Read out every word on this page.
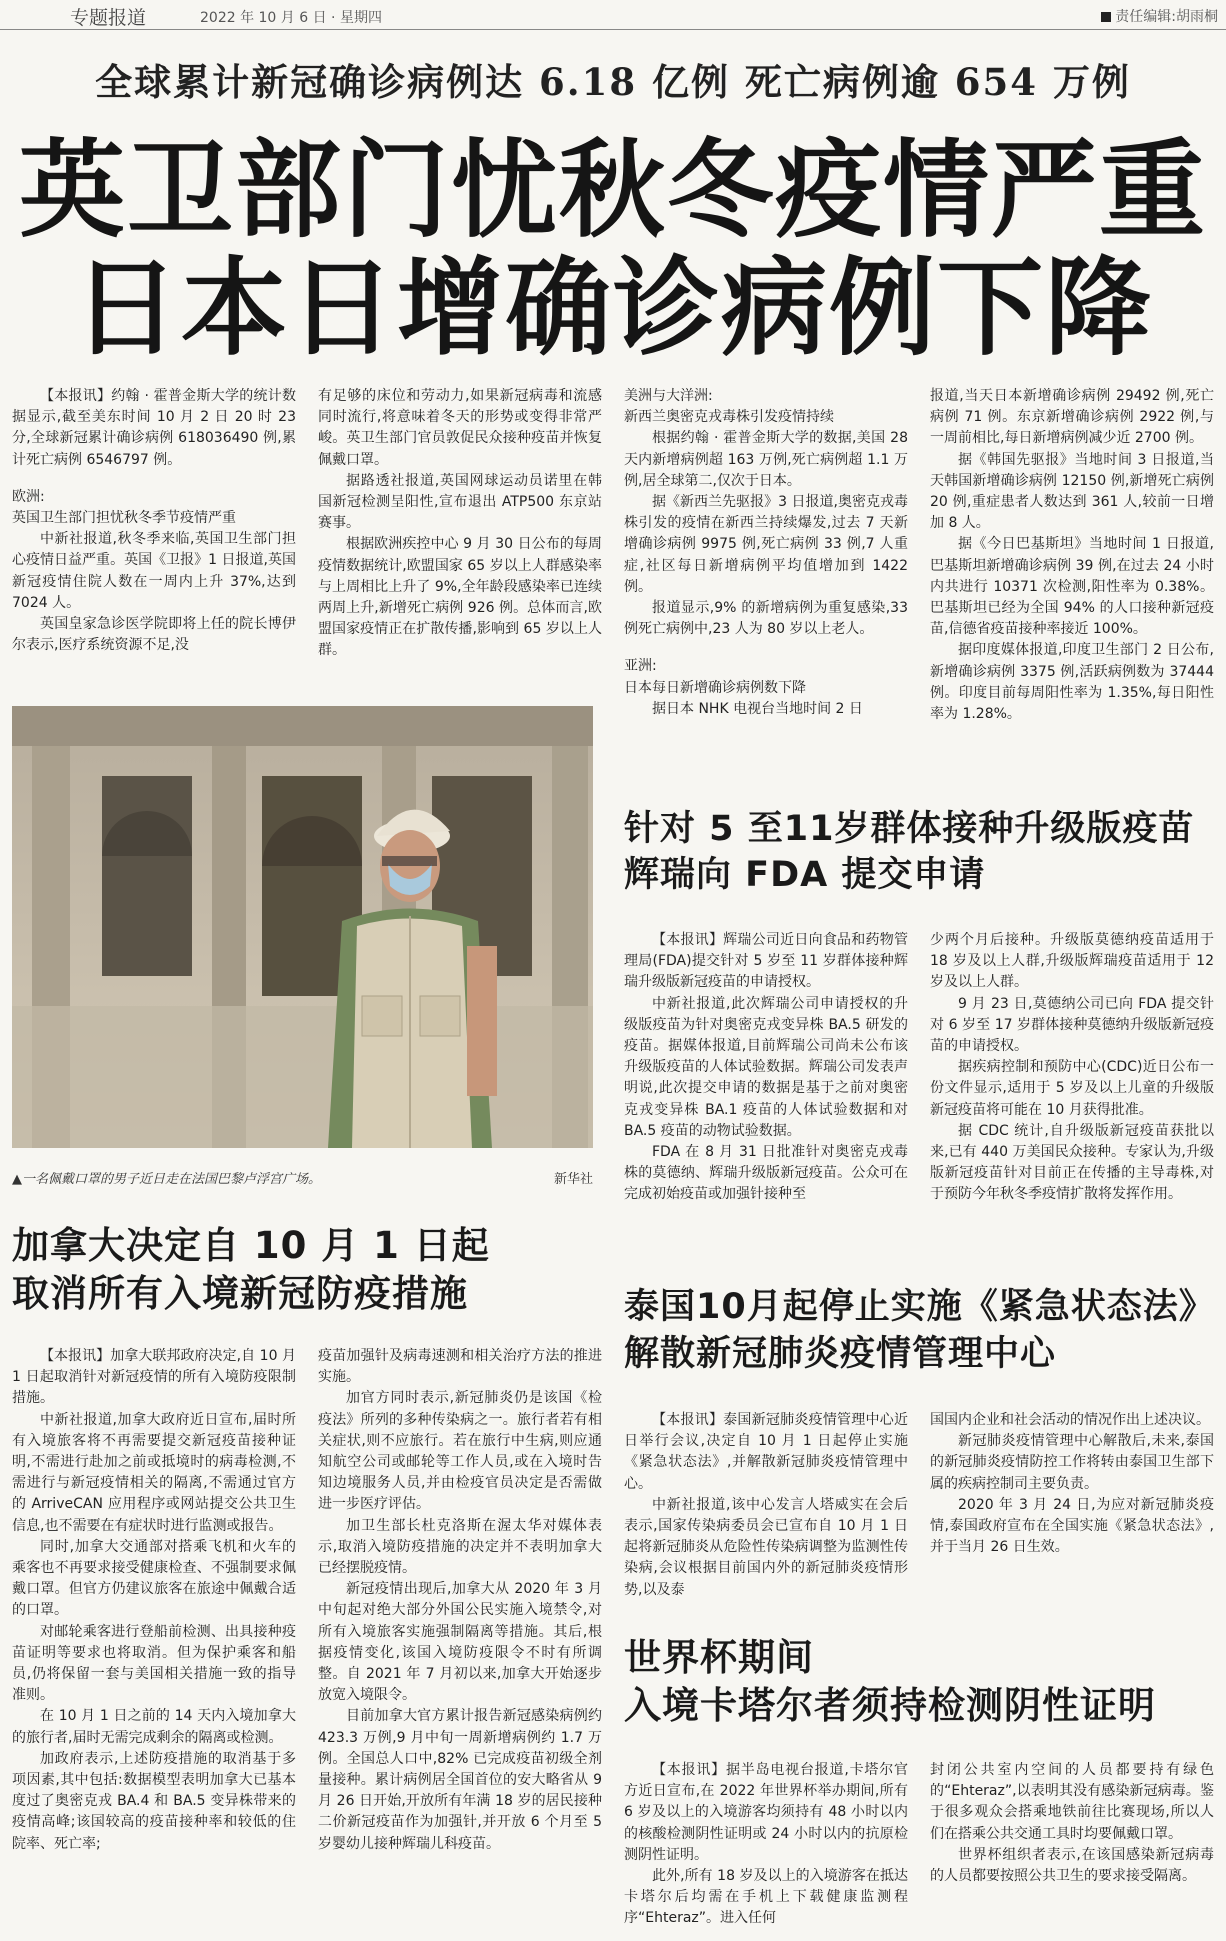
专题报道	2022 年 10 月 6 日 · 星期四	责任编辑:胡雨桐
全球累计新冠确诊病例达 6.18 亿例 死亡病例逾 654 万例
英卫部门忧秋冬疫情严重
日本日增确诊病例下降

【本报讯】约翰 · 霍普金斯大学的统计数据显示,截至美东时间 10 月 2 日 20 时 23 分,全球新冠累计确诊病例 618036490 例,累计死亡病例 6546797 例。

欧洲:
英国卫生部门担忧秋冬季节疫情严重

中新社报道,秋冬季来临,英国卫生部门担心疫情日益严重。英国《卫报》1 日报道,英国新冠疫情住院人数在一周内上升 37%,达到 7024 人。

英国皇家急诊医学院即将上任的院长博伊尔表示,医疗系统资源不足,没

有足够的床位和劳动力,如果新冠病毒和流感同时流行,将意味着冬天的形势或变得非常严峻。英卫生部门官员敦促民众接种疫苗并恢复佩戴口罩。

据路透社报道,英国网球运动员诺里在韩国新冠检测呈阳性,宣布退出 ATP500 东京站赛事。

根据欧洲疾控中心 9 月 30 日公布的每周疫情数据统计,欧盟国家 65 岁以上人群感染率与上周相比上升了 9%,全年龄段感染率已连续两周上升,新增死亡病例 926 例。总体而言,欧盟国家疫情正在扩散传播,影响到 65 岁以上人群。

美洲与大洋洲:
新西兰奥密克戎毒株引发疫情持续

根据约翰 · 霍普金斯大学的数据,美国 28 天内新增病例超 163 万例,死亡病例超 1.1 万例,居全球第二,仅次于日本。

据《新西兰先驱报》3 日报道,奥密克戎毒株引发的疫情在新西兰持续爆发,过去 7 天新增确诊病例 9975 例,死亡病例 33 例,7 人重症,社区每日新增病例平均值增加到 1422 例。

报道显示,9% 的新增病例为重复感染,33 例死亡病例中,23 人为 80 岁以上老人。

亚洲:
日本每日新增确诊病例数下降

据日本 NHK 电视台当地时间 2 日

报道,当天日本新增确诊病例 29492 例,死亡病例 71 例。东京新增确诊病例 2922 例,与一周前相比,每日新增病例减少近 2700 例。

据《韩国先驱报》当地时间 3 日报道,当天韩国新增确诊病例 12150 例,新增死亡病例 20 例,重症患者人数达到 361 人,较前一日增加 8 人。

据《今日巴基斯坦》当地时间 1 日报道,巴基斯坦新增确诊病例 39 例,在过去 24 小时内共进行 10371 次检测,阳性率为 0.38%。巴基斯坦已经为全国 94% 的人口接种新冠疫苗,信德省疫苗接种率接近 100%。

据印度媒体报道,印度卫生部门 2 日公布,新增确诊病例 3375 例,活跃病例数为 37444 例。印度目前每周阳性率为 1.35%,每日阳性率为 1.28%。

▲一名佩戴口罩的男子近日走在法国巴黎卢浮宫广场。	新华社
针对 5 至11岁群体接种升级版疫苗
辉瑞向 FDA 提交申请

【本报讯】辉瑞公司近日向食品和药物管理局(FDA)提交针对 5 岁至 11 岁群体接种辉瑞升级版新冠疫苗的申请授权。

中新社报道,此次辉瑞公司申请授权的升级版疫苗为针对奥密克戎变异株 BA.5 研发的疫苗。据媒体报道,目前辉瑞公司尚未公布该升级版疫苗的人体试验数据。辉瑞公司发表声明说,此次提交申请的数据是基于之前对奥密克戎变异株 BA.1 疫苗的人体试验数据和对 BA.5 疫苗的动物试验数据。

FDA 在 8 月 31 日批准针对奥密克戎毒株的莫德纳、辉瑞升级版新冠疫苗。公众可在完成初始疫苗或加强针接种至

少两个月后接种。升级版莫德纳疫苗适用于 18 岁及以上人群,升级版辉瑞疫苗适用于 12 岁及以上人群。

9 月 23 日,莫德纳公司已向 FDA 提交针对 6 岁至 17 岁群体接种莫德纳升级版新冠疫苗的申请授权。

据疾病控制和预防中心(CDC)近日公布一份文件显示,适用于 5 岁及以上儿童的升级版新冠疫苗将可能在 10 月获得批准。

据 CDC 统计,自升级版新冠疫苗获批以来,已有 440 万美国民众接种。专家认为,升级版新冠疫苗针对目前正在传播的主导毒株,对于预防今年秋冬季疫情扩散将发挥作用。

加拿大决定自 10 月 1 日起
取消所有入境新冠防疫措施

【本报讯】加拿大联邦政府决定,自 10 月 1 日起取消针对新冠疫情的所有入境防疫限制措施。

中新社报道,加拿大政府近日宣布,届时所有入境旅客将不再需要提交新冠疫苗接种证明,不需进行赴加之前或抵境时的病毒检测,不需进行与新冠疫情相关的隔离,不需通过官方的 ArriveCAN 应用程序或网站提交公共卫生信息,也不需要在有症状时进行监测或报告。

同时,加拿大交通部对搭乘飞机和火车的乘客也不再要求接受健康检查、不强制要求佩戴口罩。但官方仍建议旅客在旅途中佩戴合适的口罩。

对邮轮乘客进行登船前检测、出具接种疫苗证明等要求也将取消。但为保护乘客和船员,仍将保留一套与美国相关措施一致的指导准则。

在 10 月 1 日之前的 14 天内入境加拿大的旅行者,届时无需完成剩余的隔离或检测。

加政府表示,上述防疫措施的取消基于多项因素,其中包括:数据模型表明加拿大已基本度过了奥密克戎 BA.4 和 BA.5 变异株带来的疫情高峰;该国较高的疫苗接种率和较低的住院率、死亡率;

疫苗加强针及病毒速测和相关治疗方法的推进实施。

加官方同时表示,新冠肺炎仍是该国《检疫法》所列的多种传染病之一。旅行者若有相关症状,则不应旅行。若在旅行中生病,则应通知航空公司或邮轮等工作人员,或在入境时告知边境服务人员,并由检疫官员决定是否需做进一步医疗评估。

加卫生部长杜克洛斯在渥太华对媒体表示,取消入境防疫措施的决定并不表明加拿大已经摆脱疫情。

新冠疫情出现后,加拿大从 2020 年 3 月中旬起对绝大部分外国公民实施入境禁令,对所有入境旅客实施强制隔离等措施。其后,根据疫情变化,该国入境防疫限令不时有所调整。自 2021 年 7 月初以来,加拿大开始逐步放宽入境限令。

目前加拿大官方累计报告新冠感染病例约 423.3 万例,9 月中旬一周新增病例约 1.7 万例。全国总人口中,82% 已完成疫苗初级全剂量接种。累计病例居全国首位的安大略省从 9 月 26 日开始,开放所有年满 18 岁的居民接种二价新冠疫苗作为加强针,并开放 6 个月至 5 岁婴幼儿接种辉瑞儿科疫苗。

泰国10月起停止实施《紧急状态法》
解散新冠肺炎疫情管理中心

【本报讯】泰国新冠肺炎疫情管理中心近日举行会议,决定自 10 月 1 日起停止实施《紧急状态法》,并解散新冠肺炎疫情管理中心。

中新社报道,该中心发言人塔威实在会后表示,国家传染病委员会已宣布自 10 月 1 日起将新冠肺炎从危险性传染病调整为监测性传染病,会议根据目前国内外的新冠肺炎疫情形势,以及泰

国国内企业和社会活动的情况作出上述决议。

新冠肺炎疫情管理中心解散后,未来,泰国的新冠肺炎疫情防控工作将转由泰国卫生部下属的疾病控制司主要负责。

2020 年 3 月 24 日,为应对新冠肺炎疫情,泰国政府宣布在全国实施《紧急状态法》,并于当月 26 日生效。

世界杯期间
入境卡塔尔者须持检测阴性证明

【本报讯】据半岛电视台报道,卡塔尔官方近日宣布,在 2022 年世界杯举办期间,所有 6 岁及以上的入境游客均须持有 48 小时以内的核酸检测阴性证明或 24 小时以内的抗原检测阴性证明。

此外,所有 18 岁及以上的入境游客在抵达卡塔尔后均需在手机上下载健康监测程序“Ehteraz”。进入任何

封闭公共室内空间的人员都要持有绿色的“Ehteraz”,以表明其没有感染新冠病毒。鉴于很多观众会搭乘地铁前往比赛现场,所以人们在搭乘公共交通工具时均要佩戴口罩。

世界杯组织者表示,在该国感染新冠病毒的人员都要按照公共卫生的要求接受隔离。
